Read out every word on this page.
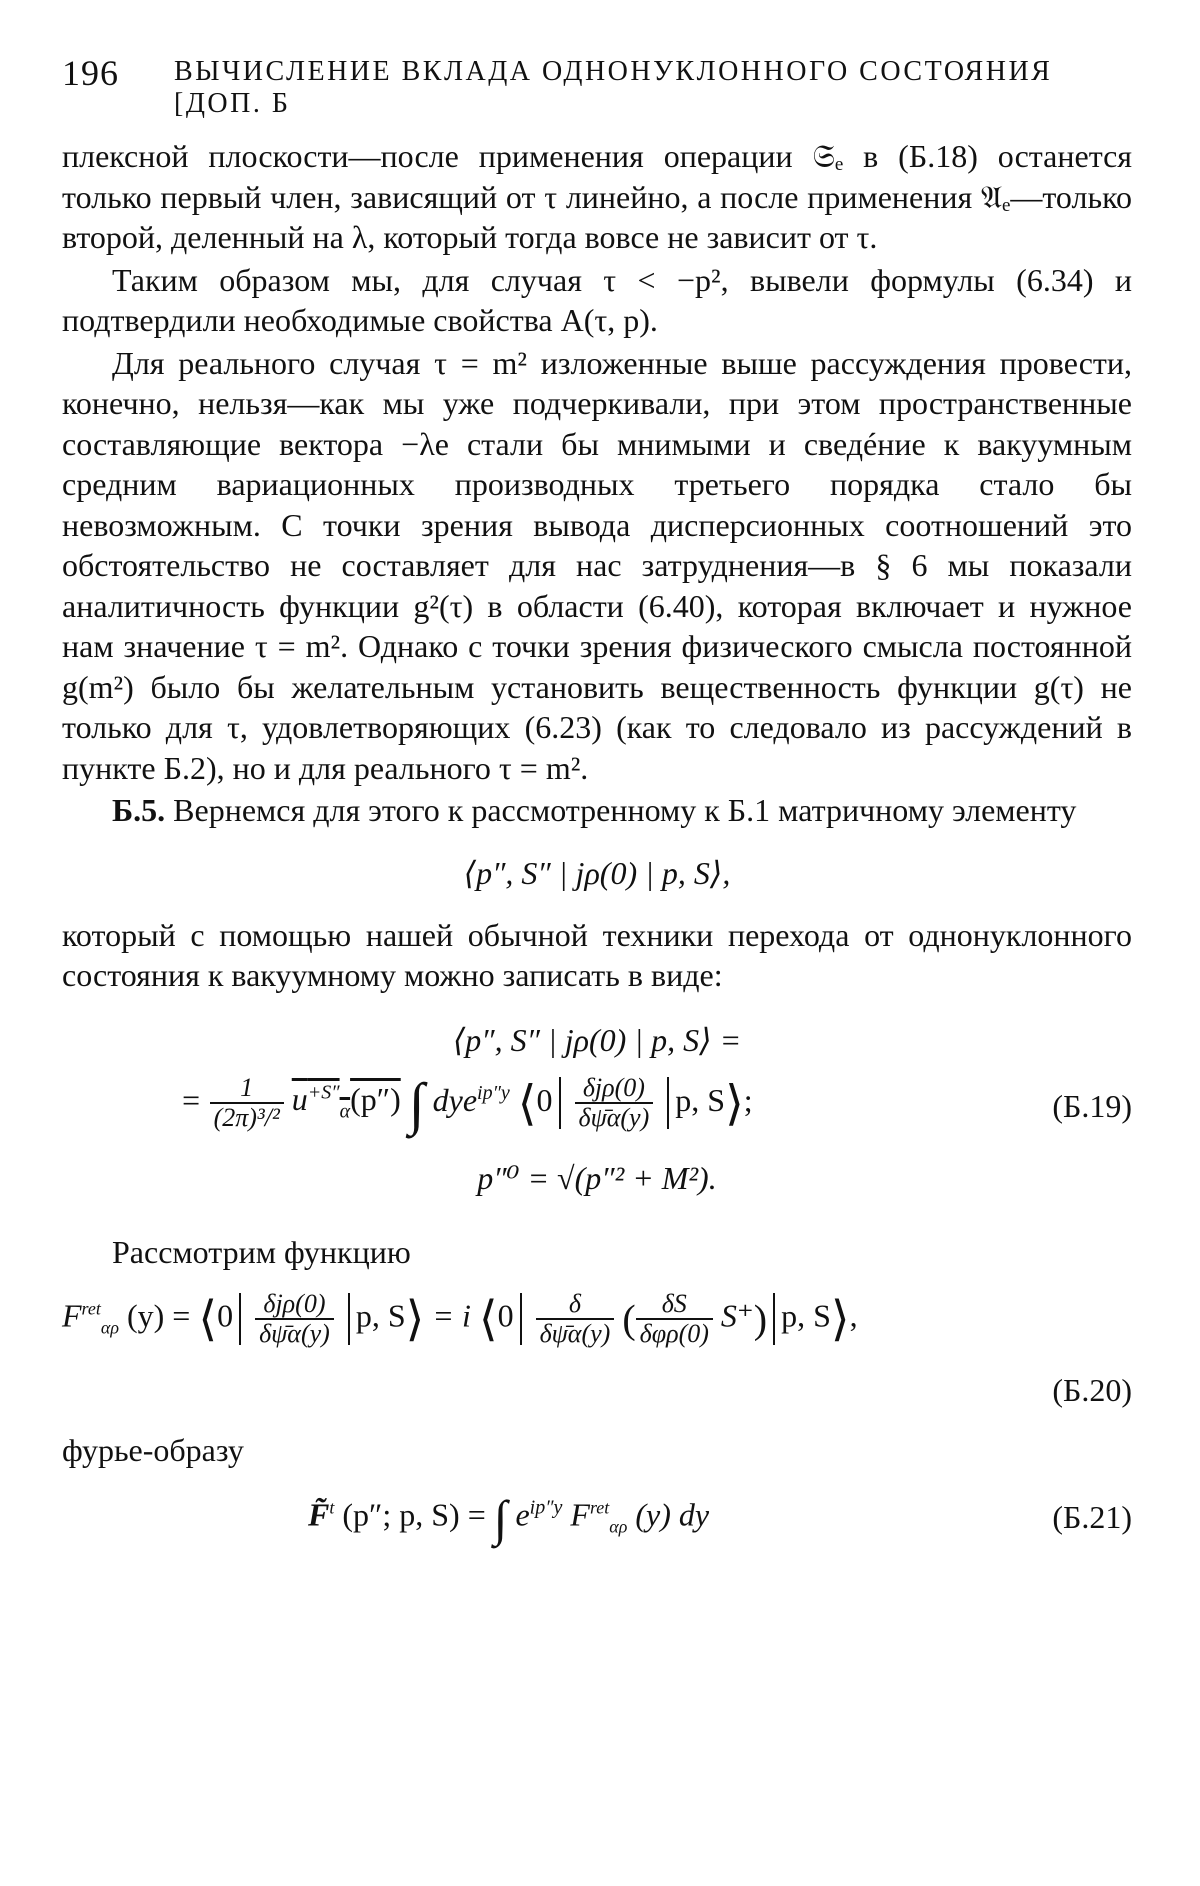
196 ВЫЧИСЛЕНИЕ ВКЛАДА ОДНОНУКЛОННОГО СОСТОЯНИЯ [ДОП. Б

плексной плоскости—после применения операции 𝔖ₑ в (Б.18) останется только первый член, зависящий от τ линейно, а после применения 𝔄ₑ—только второй, деленный на λ, который тогда вовсе не зависит от τ.

Таким образом мы, для случая τ < −p², вывели формулы (6.34) и подтвердили необходимые свойства A(τ, p).

Для реального случая τ = m² изложенные выше рассуждения провести, конечно, нельзя—как мы уже подчеркивали, при этом пространственные составляющие вектора −λe стали бы мнимыми и сведéние к вакуумным средним вариационных производных третьего порядка стало бы невозможным. С точки зрения вывода дисперсионных соотношений это обстоятельство не составляет для нас затруднения—в § 6 мы показали аналитичность функции g²(τ) в области (6.40), которая включает и нужное нам значение τ = m². Однако с точки зрения физического смысла постоянной g(m²) было бы желательным установить вещественность функции g(τ) не только для τ, удовлетворяющих (6.23) (как то следовало из рассуждений в пункте Б.2), но и для реального τ = m².

Б.5. Вернемся для этого к рассмотренному к Б.1 матричному элементу

⟨p″, S″ | jρ(0) | p, S⟩,

который с помощью нашей обычной техники перехода от однонуклонного состояния к вакуумному можно записать в виде:

⟨p″, S″ | jρ(0) | p, S⟩ =
= $\frac{1}{\text{(2π)³/²}} u^{+S''}_\alpha(p'')$ ∫ dye$^{ip''y}$ ⟨0 $\frac{\text{δjρ(0)}}{\delta\psī\alpha(y)} p$, S⟩;	(Б.19)
p″⁰ = √(p″² + M²).

Рассмотрим функцию

$F^{ret}_{\alpha\rho}$ (y) = ⟨0 $\frac{\text{δjρ(0)}}{\delta\psī\alpha(y)} p$, S⟩ = i ⟨0 $\frac{\delta}{\delta\psī\alpha(y)}$ ( $\frac{\delta S}{\text{δφρ(0)}} S^+$) p, S⟩,
(Б.20)

фурье-образу

F̃$^t$ (p″; p, S) = ∫ $e^{ip''y}$ $F^{ret}_{\alpha\rho}$ (y) dy	(Б.21)
